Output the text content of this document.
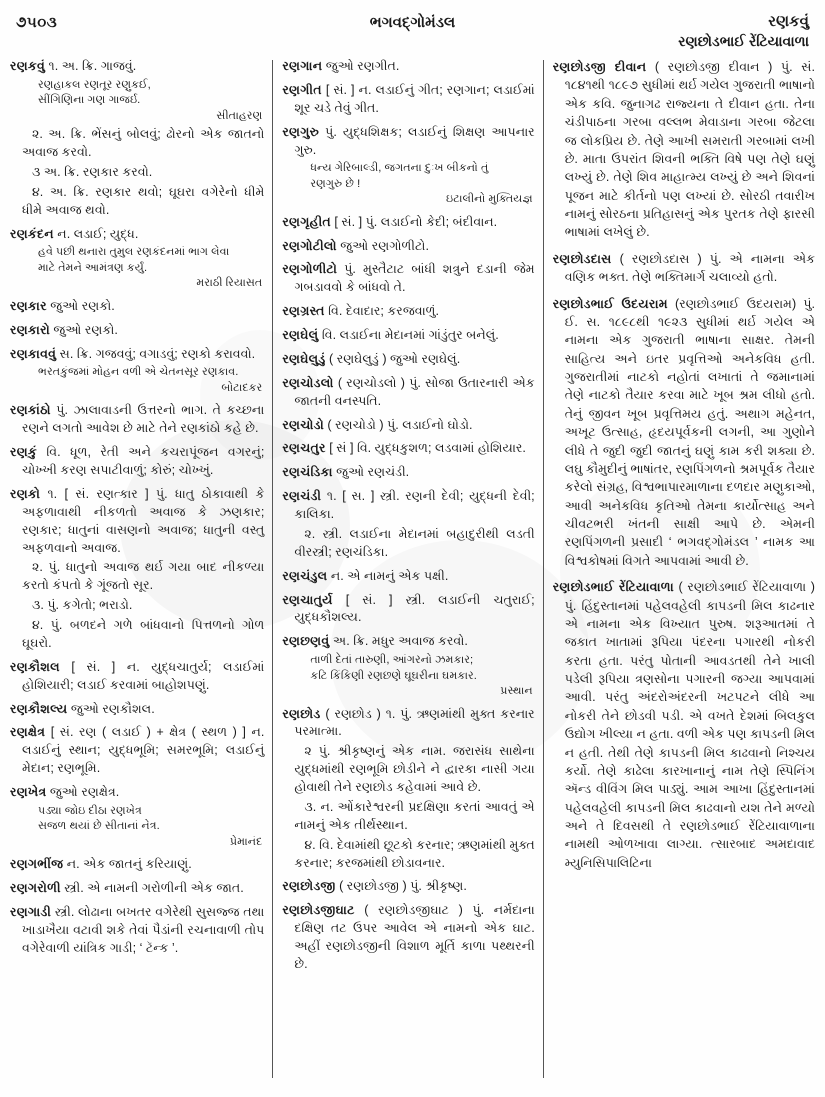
૭૫૦૩	ભગવદ્ગોમંડલ	રણકવું
રણછોડભાઈ રેંટિયાવાળા
રણકવું ૧. અ. ક્રિ. ગાજવું.
રણહાકલ રણતૂર રણુકઈ,
સીંગિણિના ગણ ગાજર્ઇ.
સીતાહરણ
૨. અ. ક્રિ. ભેંસનું બોલવું; ઢોરનો એક જાતનો અવાજ કરવો.
૩ અ. ક્રિ. રણકાર કરવો.
૪. અ. ક્રિ. રણકાર થવો; ઘૂઘરા વગેરેનો ધીમે ધીમે અવાજ થવો.
રણકંદન ન. લડાઈ; યુદ્ધ.
હવે પછી થનારા તુમુલ રણકંદનમાં ભાગ લેવા
માટે તેમને આમંત્રણ કર્યું.
મરાઠી રિયાસત
રણકાર જુઓ રણકો.
રણકારો જુઓ રણકો.
રણકાવવું સ. ક્રિ. ગજવવું; વગાડવું; રણકો કરાવવો.
ભરતકુંજમાં મોહન વળી એ ચેતનસૂર રણકાવ.
બોટાદકર
રણકાંઠો પું. ઝાલાવાડની ઉત્તરનો ભાગ. તે કચ્છના રણને લગતો આવેશ છે માટે તેને રણકાંઠો કહે છે.
રણકું વિ. ધૂળ, રેતી અને કચરાપૂંજન વગરનું; ચોખ્ખી કરણ સપાટીવાળું; કોરું; ચોખ્ખું.
રણકો ૧. [ સં. રણત્કાર ] પું. ધાતુ ઠોકાવાથી કે અફળાવાથી નીકળતો અવાજ કે ઝણકાર; રણકાર; ધાતુનાં વાસણનો અવાજ; ધાતુની વસ્તુ અફળવાનો અવાજ.
૨. પું. ધાતુનો અવાજ થર્ઇ ગયા બાદ નીકળ્યા કરતો કંપતો કે ગૂંજતો સૂર.
૩. પું. કગેતો; ભરાડો.
૪. પું. બળદને ગળે બાંધવાનો પિત્તળનો ગોળ ઘૂઘરો.
રણકૌશલ [ સં. ] ન. યુદ્ધચાતુર્ય; લડાઈમાં હોશિયારી; લડાઈ કરવામાં બાહોશપણું.
રણકૌશલ્ય જુઓ રણકૌશલ.
રણક્ષેત્ર [ સં. રણ ( લડાઈ ) + ક્ષેત્ર ( સ્થળ ) ] ન. લડાઈનું સ્થાન; યુદ્ધભૂમિ; સમરભૂમિ; લડાઈનું મેદાન; રણભૂમિ.
રણખેત્ર જુઓ રણક્ષેત્ર.
પડ્યા જોઇ દીઠા રણખેત્ર
સજળ થયાં છે સીતાનાં નેત્ર.
પ્રેમાનંદ
રણગભીંજ ન. એક જાતનું કરિયાણું.
રણગરોળી સ્ત્રી. એ નામની ગરોળીની એક જાત.
રણગાડી સ્ત્રી. લોઢાના બખતર વગેરેથી સુસજ્જ તથા ખાડાખૈયા વટાવી શકે તેવાં પૈડાંની રચનાવાળી તોપ વગેરેવાળી યાંત્રિક ગાડી; ‘ ટૅન્ક ’.
રણગાન જુઓ રણગીત.
રણગીત [ સં. ] ન. લડાઈનું ગીત; રણગાન; લડાઈમાં શૂર ચડે તેવું ગીત.
રણગુરુ પું. યુદ્ધશિક્ષક; લડાઈનું શિક્ષણ આપનાર ગુરુ.
ધન્ય ગેરિબાલ્ડી, જગતના દુઃખ બીકનો તું
રણગુરુ છે !
ઇટાલીનો મુક્તિયજ્ઞ
રણગૃહીત [ સં. ] પું. લડાઈનો કેદી; બંદીવાન.
રણગોટીલો જુઓ રણગોળીટો.
રણગોળીટો પું. મુસ્તૈટાટ બાંધી શત્રુને દડાની જેમ ગબડાવવો કે બાંધવો તે.
રણગ્રસ્ત વિ. દેવાદાર; કરજવાળું.
રણઘેલું વિ. લડાઈના મેદાનમાં ગાંડુંતુર બનેલું.
રણઘેલુડું ( રણઘેલુડું ) જુઓ રણઘેલું.
રણચોડલો ( રણચોડલો ) પું. સોજા ઉતારનારી એક જાતની વનસ્પતિ.
રણચોડો ( રણચોડો ) પું. લડાઈનો ઘોડો.
રણચતુર [ સં ] વિ. યુદ્ધકુશળ; લડવામાં હોશિયાર.
રણચંડિકા જુઓ રણચંડી.
રણચંડી ૧. [ સ. ] સ્ત્રી. રણની દેવી; યુદ્ધની દેવી; કાલિકા.
૨. સ્ત્રી. લડાઈના મેદાનમાં બહાદુરીથી લડતી વીરસ્ત્રી; રણચંડિકા.
રણચંડુલ ન. એ નામનું એક પક્ષી.
રણચાતુર્ય [ સં. ] સ્ત્રી. લડાઈની ચતુરાઈ; યુદ્ધકૌશલ્ય.
રણછણવું અ. ક્રિ. મધુર અવાજ કરવો.
તાળી દેતાં તારુણી, આંગરનો ઝમકાર;
કટિ કિંકિણી રણછણે ઘૂઘરીના ઘમકાર.
પ્રસ્થાન
રણછોડ ( રણછોડ ) ૧. પું. ઋણમાંથી મુક્ત કરનાર પરમાત્મા.
૨ પું. શ્રીકૃષ્ણનું એક નામ. જરાસંધ સાથેના યુદ્ધમાંથી રણભૂમિ છોડીને ને દ્વારકા નાસી ગયા હોવાથી તેને રણછોડ કહેવામાં આવે છે.
૩. ન. ઓંકારેશ્વરની પ્રદક્ષિણા કરતાં આવતું એ નામનું એક તીર્થસ્થાન.
૪. વિ. દેવામાંથી છૂટકો કરનાર; ઋણમાંથી મુક્ત કરનાર; કરજમાંથી છોડાવનાર.
રણછોડજી ( રણછોડજી ) પું. શ્રીકૃષ્ણ.
રણછોડજીઘાટ ( રણછોડજીઘાટ ) પું. નર્મદાના દક્ષિણ તટ ઉપર આવેલ એ નામનો એક ઘાટ. અહીં રણછોડજીની વિશાળ મૂર્તિ કાળા પથ્થરની છે.
રણછોડજી દીવાન ( રણછોડજી દીવાન ) પું. સં. ૧૮૪૧થી ૧૮૯૭ સુધીમાં થર્ઇ ગયેલ ગુજરાતી ભાષાનો એક કવિ. જુનાગઢ રાજ્યના તે દીવાન હતા. તેના ચંડીપાઠના ગરબા વલ્લભ મેવાડાના ગરબા જેટલા જ લોકપ્રિય છે. તેણે આખી સમરાતી ગરબામાં લખી છે. માતા ઉપરાંત શિવની ભક્તિ વિષે પણ તેણે ઘણું લખ્યું છે. તેણે શિવ માહાત્મ્ય લખ્યું છે અને શિવનાં પૂજન માટે કીર્તનો પણ લખ્યાં છે. સોરઠી તવારીખ નામનું સોરઠના પ્રતિહાસનું એક પુરતક તેણે ફારસી ભાષામાં લખેલું છે.
રણછોડદાસ ( રણછોડદાસ ) પું. એ નામના એક વણિક ભક્ત. તેણે ભક્તિમાર્ગ ચલાવ્યો હતો.
રણછોડભાઈ ઉદયરામ (રણછોડભાઈ ઉદયરામ) પું. ઈ. સ. ૧૮૯૮થી ૧૯૨૩ સુધીમાં થર્ઇ ગયેલ એ નામના એક ગુજરાતી ભાષાના સાક્ષર. તેમની સાહિત્ય અને ઇતર પ્રવૃત્તિઓ અનેકવિધ હતી. ગુજરાતીમાં નાટકો નહોતાં લખાતાં તે જમાનામાં તેણે નાટકો તૈયાર કરવા માટે ખૂબ શ્રમ લીધો હતો. તેનું જીવન ખૂબ પ્રવૃત્તિમય હતું. અથાગ મહેનત, અખૂટ ઉત્સાહ, હૃદયપૂર્વકની લગની, આ ગુણોને લીધે તે જુદી જુદી જાતનું ઘણું કામ કરી શક્યા છે. લઘુ કૌમુદીનું ભાષાંતર, રણપિંગળનો શ્રમપૂર્વક તૈયાર કરેલો સંગ્રહ, વિશ્વભાપારમાળાના દળદાર મણુકાઓ, આવી અનેકવિધ કૃતિઓ તેમના કાર્યોત્સાહ અને ચીવટભરી ખંતની સાક્ષી આપે છે. એમની રણપિંગળની પ્રસાદી ‘ ભગવદ્ગોમંડલ ’ નામક આ વિશ્વકોષમાં વિગતે આપવામાં આવી છે.
રણછોડભાઈ રેંટિયાવાળા ( રણછોડભાઈ રેંટિયાવાળા ) પું. હિંદુસ્તાનમાં પહેલવહેલી કાપડની મિલ કાઢનાર એ નામના એક વિખ્યાત પુરુષ. શરૂઆતમાં તે જકાત ખાતામાં રૂપિયા પંદરના પગારથી નોકરી કરતા હતા. પરંતુ પોતાની આવડતથી તેને ખાલી પડેલી રૂપિયા ત્રણસોના પગારની જગ્યા આપવામાં આવી. પરંતુ અંદરોઅંદરની ખટપટને લીધે આ નોકરી તેને છોડવી પડી. એ વખતે દેશમાં બિલકુલ ઉદ્યોગ ખીલ્યા ન હતા. વળી એક પણ કાપડની મિલ ન હતી. તેથી તેણે કાપડની મિલ કાઢવાનો નિશ્ચય કર્યો. તેણે કાઢેલા કારખાનાનું નામ તેણે સ્પિનિંગ ઍન્ડ વીવિંગ મિલ પાડ્યું. આમ આખા હિંદુસ્તાનમાં પહેલવહેલી કાપડની મિલ કાઢવાનો યશ તેને મળ્યો અને તે દિવસથી તે રણછોડભાઈ રેંટિયાવાળાના નામથી ઓળખાવા લાગ્યા. ત્સારબાદ અમદાવાદ મ્યુનિસિપાલિટિના
